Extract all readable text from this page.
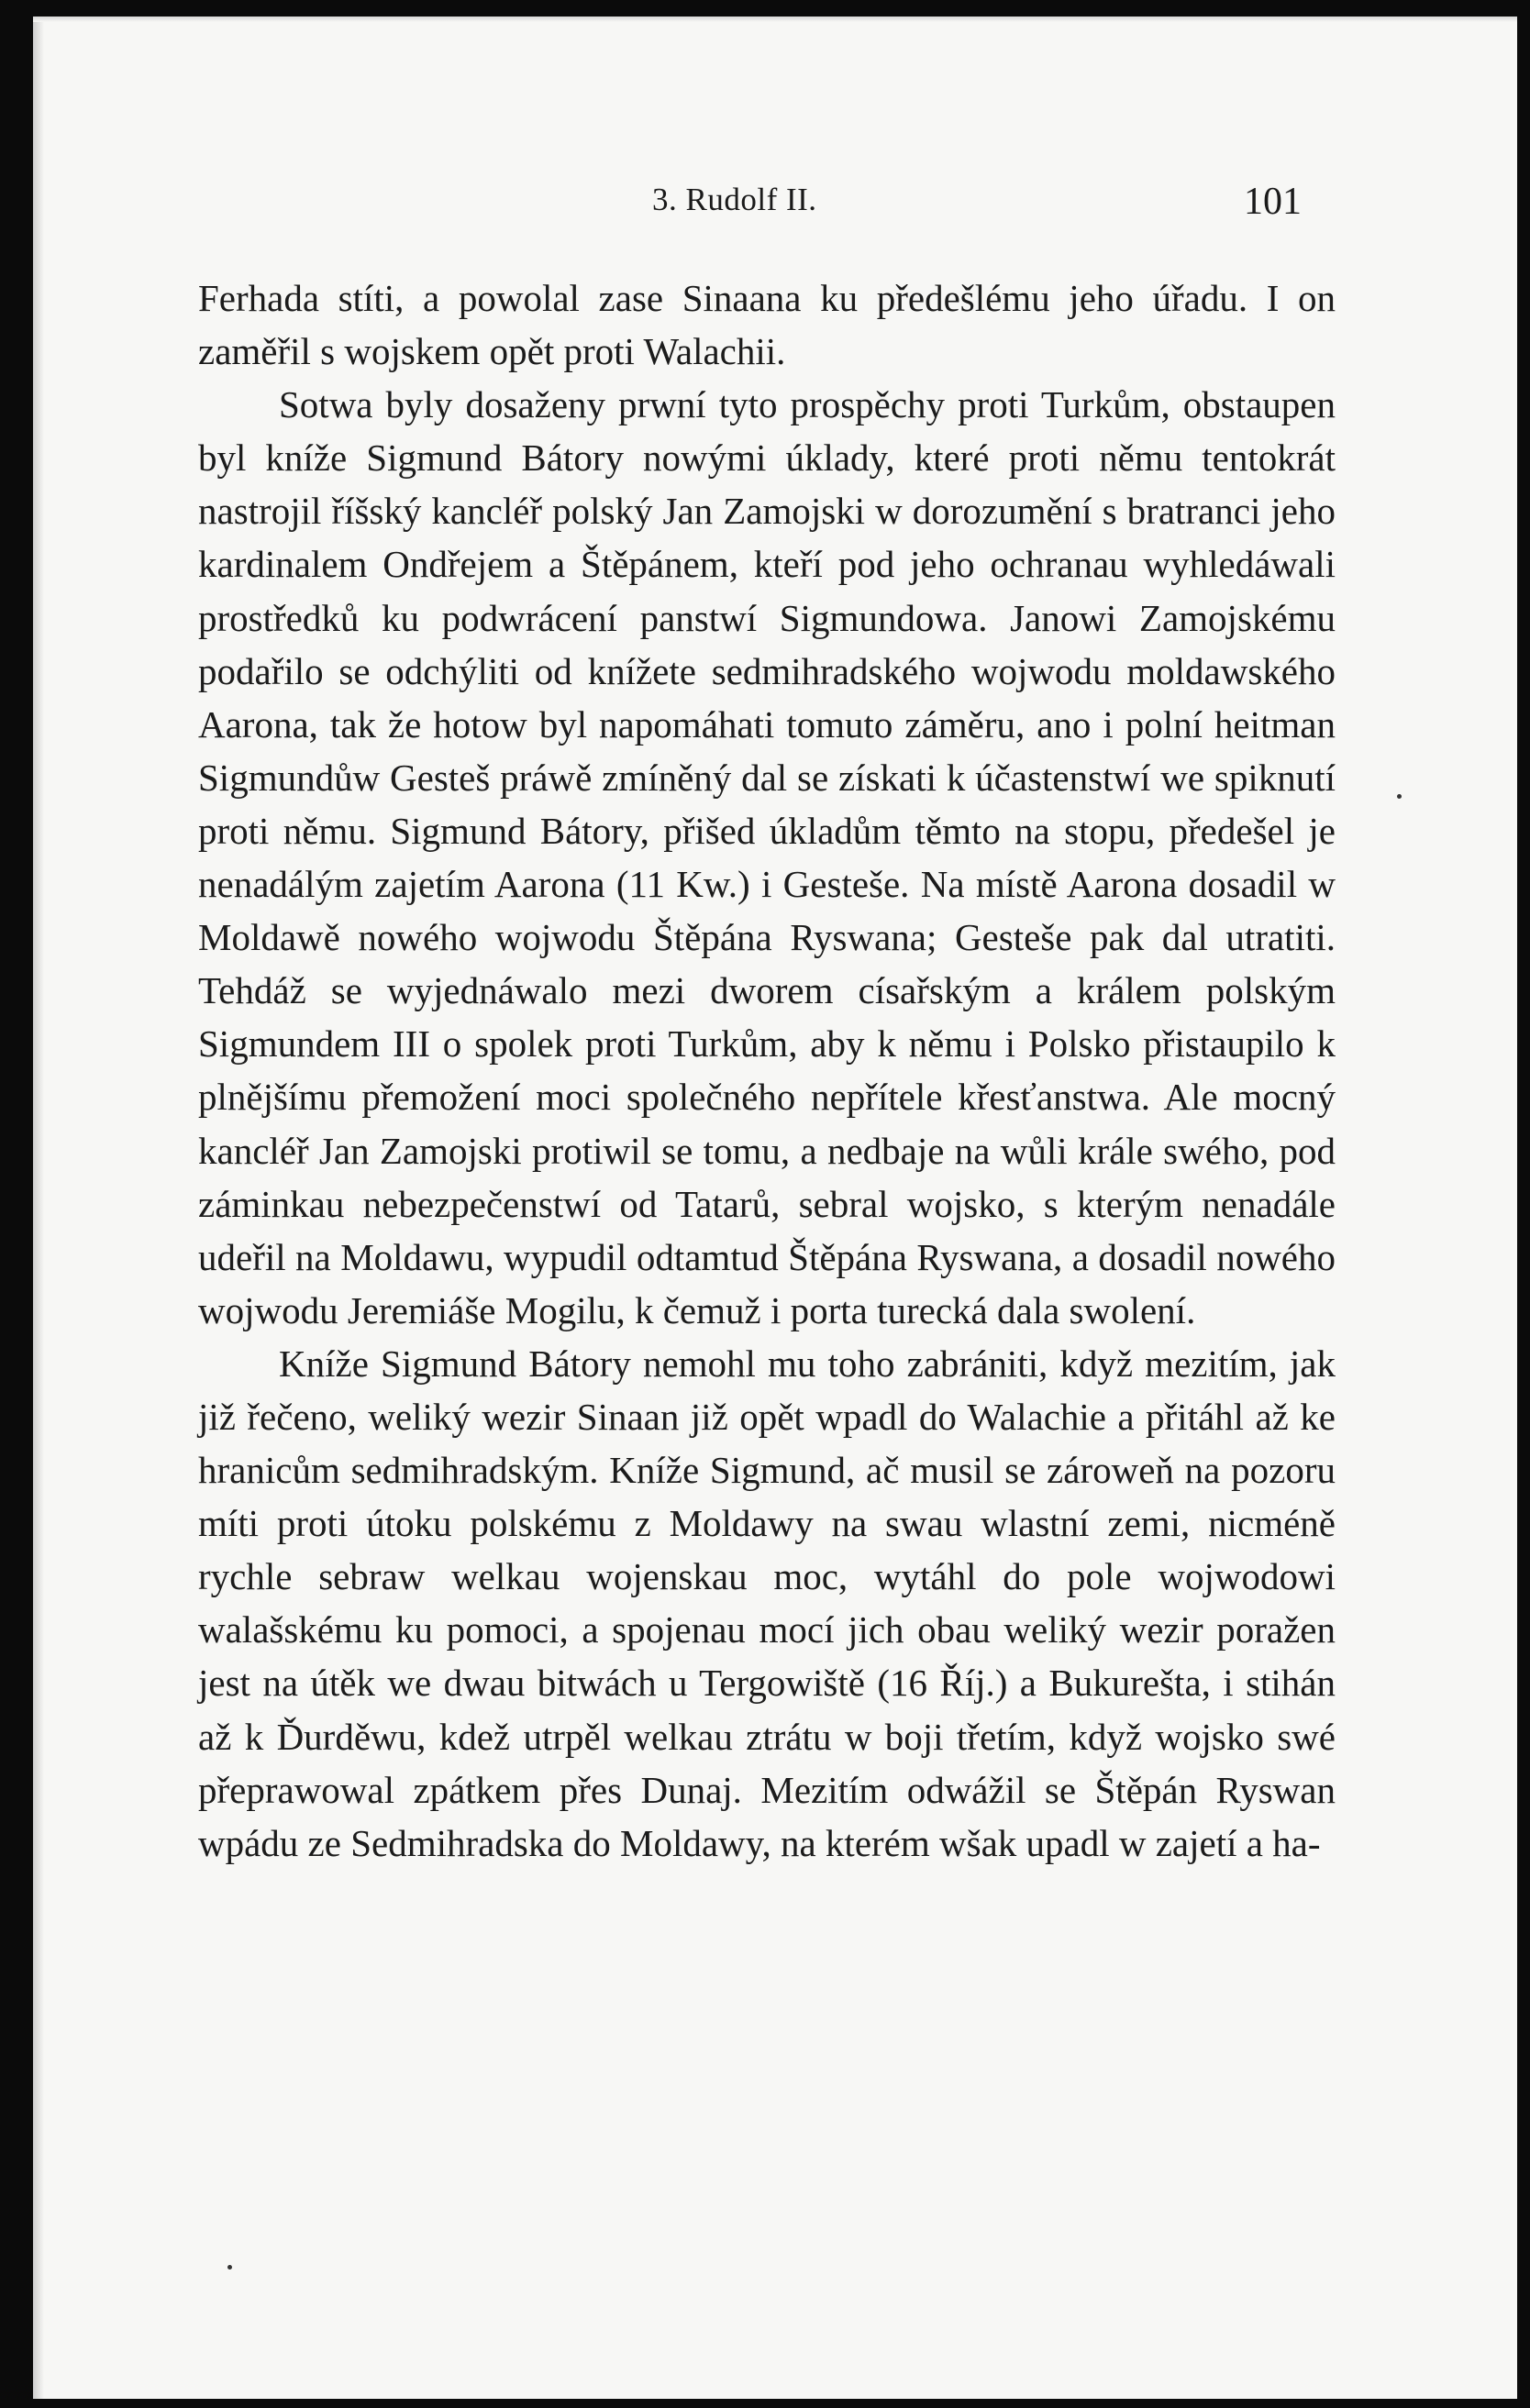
3. Rudolf II.	101

Ferhada stíti, a powolal zase Sinaana ku předešlému jeho úřadu. I on zaměřil s wojskem opět proti Walachii.

Sotwa byly dosaženy prwní tyto prospěchy proti Turkům, obstaupen byl kníže Sigmund Bátory nowými úklady, které proti němu tentokrát nastrojil říšský kancléř polský Jan Zamojski w dorozumění s bratranci jeho kardinalem Ondřejem a Štěpánem, kteří pod jeho ochranau wyhledáwali prostředků ku podwrácení panstwí Sigmundowa. Janowi Zamojskému podařilo se odchýliti od knížete sedmihradského wojwodu moldawského Aarona, tak že hotow byl napomáhati tomuto záměru, ano i polní heitman Sigmundůw Gesteš práwě zmíněný dal se získati k účastenstwí we spiknutí proti němu. Sigmund Bátory, přišed úkladům těmto na stopu, předešel je nenadálým zajetím Aarona (11 Kw.) i Gesteše. Na místě Aarona dosadil w Moldawě nowého wojwodu Štěpána Ryswana; Gesteše pak dal utratiti. Tehdáž se wyjednáwalo mezi dworem císařským a králem polským Sigmundem III o spolek proti Turkům, aby k němu i Polsko přistaupilo k plnějšímu přemožení moci společného nepřítele křesťanstwa. Ale mocný kancléř Jan Zamojski protiwil se tomu, a nedbaje na wůli krále swého, pod záminkau nebezpečenstwí od Tatarů, sebral wojsko, s kterým nenadále udeřil na Moldawu, wypudil odtamtud Štěpána Ryswana, a dosadil nowého wojwodu Jeremiáše Mogilu, k čemuž i porta turecká dala swolení.

Kníže Sigmund Bátory nemohl mu toho zabrániti, když mezitím, jak již řečeno, weliký wezir Sinaan již opět wpadl do Walachie a přitáhl až ke hranicům sedmihradským. Kníže Sigmund, ač musil se zároweň na pozoru míti proti útoku polskému z Moldawy na swau wlastní zemi, nicméně rychle sebraw welkau wojenskau moc, wytáhl do pole wojwodowi walašskému ku pomoci, a spojenau mocí jich obau weliký wezir poražen jest na útěk we dwau bitwách u Tergowiště (16 Říj.) a Bukurešta, i stihán až k Ďurděwu, kdež utrpěl welkau ztrátu w boji třetím, když wojsko swé přeprawowal zpátkem přes Dunaj. Mezitím odwážil se Štěpán Ryswan wpádu ze Sedmihradska do Moldawy, na kterém wšak upadl w zajetí a ha-
